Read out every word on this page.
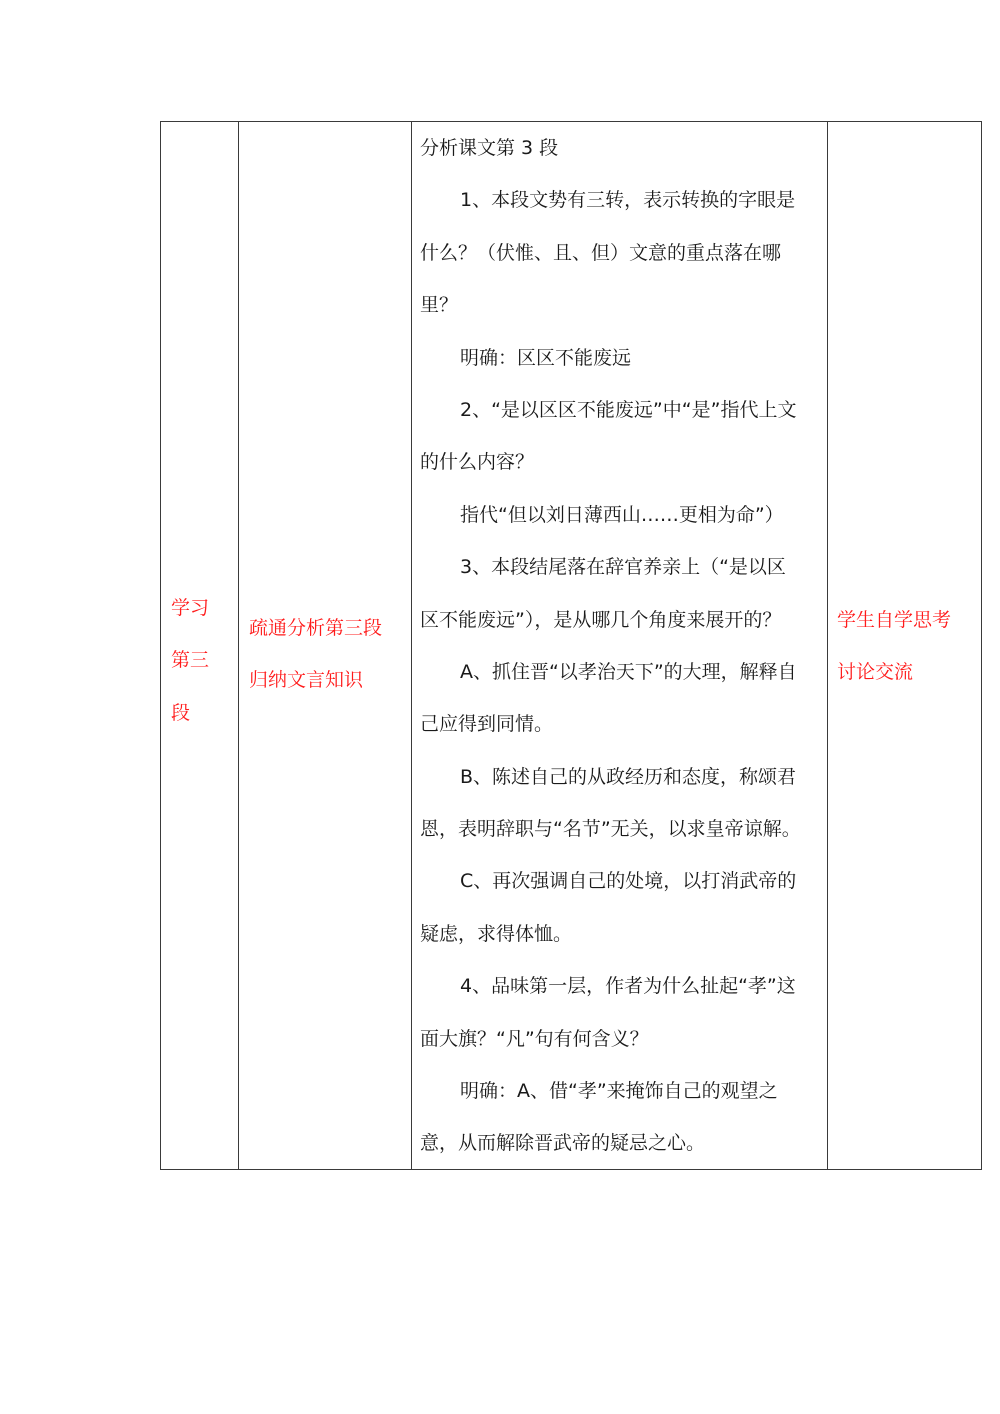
学习
第三
段
疏通分析第三段
归纳文言知识
分析课文第 3 段
1、本段文势有三转，表示转换的字眼是
什么？（伏惟、且、但）文意的重点落在哪
里？
明确：区区不能废远
2、“是以区区不能废远”中“是”指代上文
的什么内容？
指代“但以刘日薄西山……更相为命”）
3、本段结尾落在辞官养亲上（“是以区
区不能废远”），是从哪几个角度来展开的？
A、抓住晋“以孝治天下”的大理，解释自
己应得到同情。
B、陈述自己的从政经历和态度，称颂君
恩，表明辞职与“名节”无关，以求皇帝谅解。
C、再次强调自己的处境，以打消武帝的
疑虑，求得体恤。
4、品味第一层，作者为什么扯起“孝”这
面大旗？“凡”句有何含义？
明确：A、借“孝”来掩饰自己的观望之
意，从而解除晋武帝的疑忌之心。
学生自学思考
讨论交流
